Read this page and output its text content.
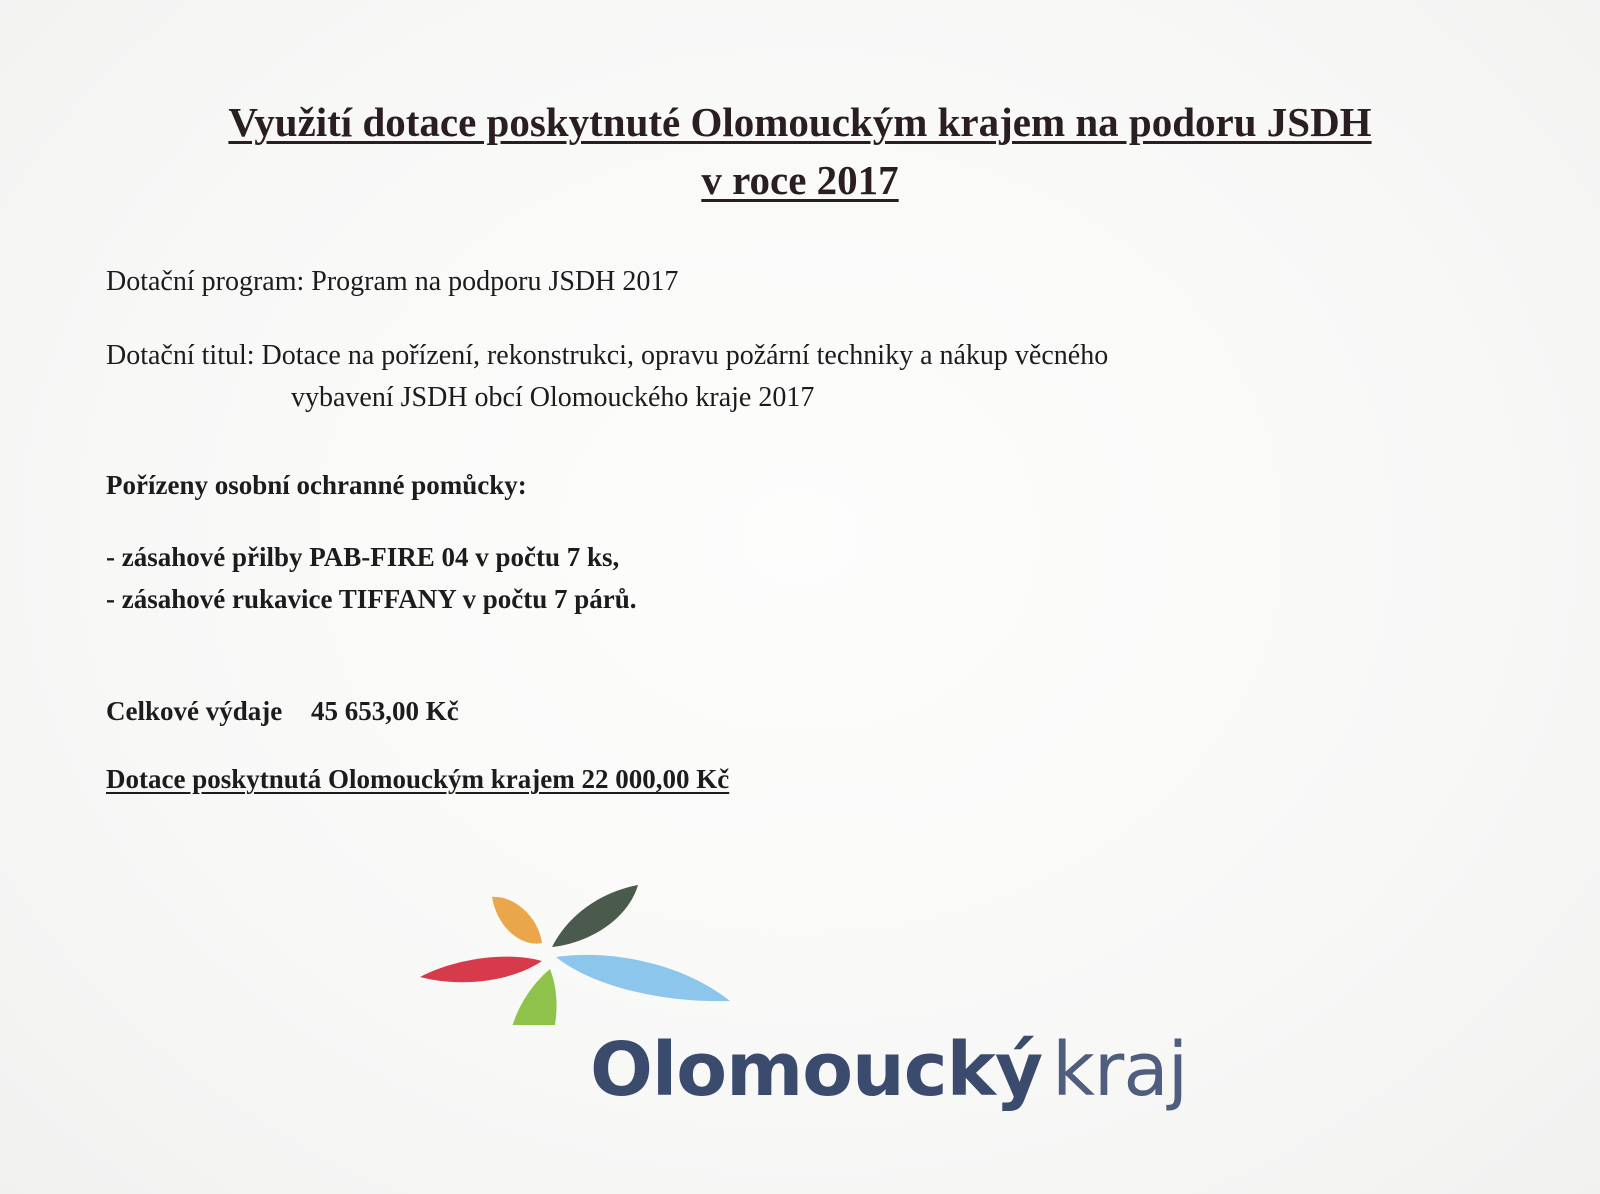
Využití dotace poskytnuté Olomouckým krajem na podoru JSDH
v roce 2017

Dotační program: Program na podporu JSDH 2017

Dotační titul: Dotace na pořízení, rekonstrukci, opravu požární techniky a nákup věcného

vybavení JSDH obcí Olomouckého kraje 2017

Pořízeny osobní ochranné pomůcky:

- zásahové přilby PAB-FIRE 04 v počtu 7 ks,

- zásahové rukavice TIFFANY v počtu 7 párů.

Celkové výdaje 45 653,00 Kč

Dotace poskytnutá Olomouckým krajem 22 000,00 Kč

Olomoucký kraj
